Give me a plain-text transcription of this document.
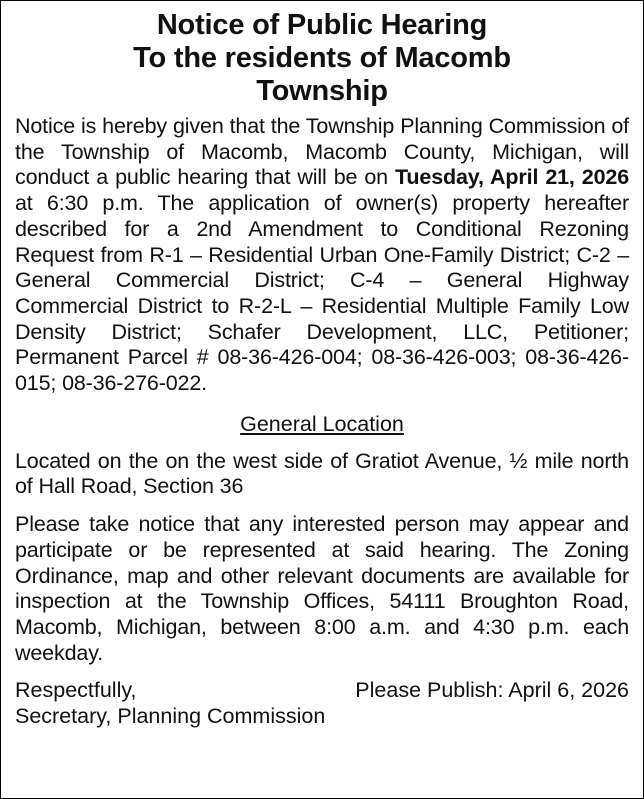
Notice of Public Hearing
To the residents of Macomb
Township

Notice is hereby given that the Township Planning Commission of the Township of Macomb, Macomb County, Michigan, will conduct a public hearing that will be on Tuesday, April 21, 2026 at 6:30 p.m. The application of owner(s) property hereafter described for a 2nd Amendment to Conditional Rezoning Request from R-1 – Residential Urban One-Family District; C-2 – General Commercial District; C-4 – General Highway Commercial District to R-2-L – Residential Multiple Family Low Density District; Schafer Development, LLC, Petitioner; Permanent Parcel # 08-36-426-004; 08-36-426-003; 08-36-426-015; 08-36-276-022.

General Location

Located on the on the west side of Gratiot Avenue, ½ mile north of Hall Road, Section 36

Please take notice that any interested person may appear and participate or be represented at said hearing. The Zoning Ordinance, map and other relevant documents are available for inspection at the Township Offices, 54111 Broughton Road, Macomb, Michigan, between 8:00 a.m. and 4:30 p.m. each weekday.

Respectfully,	Please Publish: April 6, 2026
Secretary, Planning Commission
